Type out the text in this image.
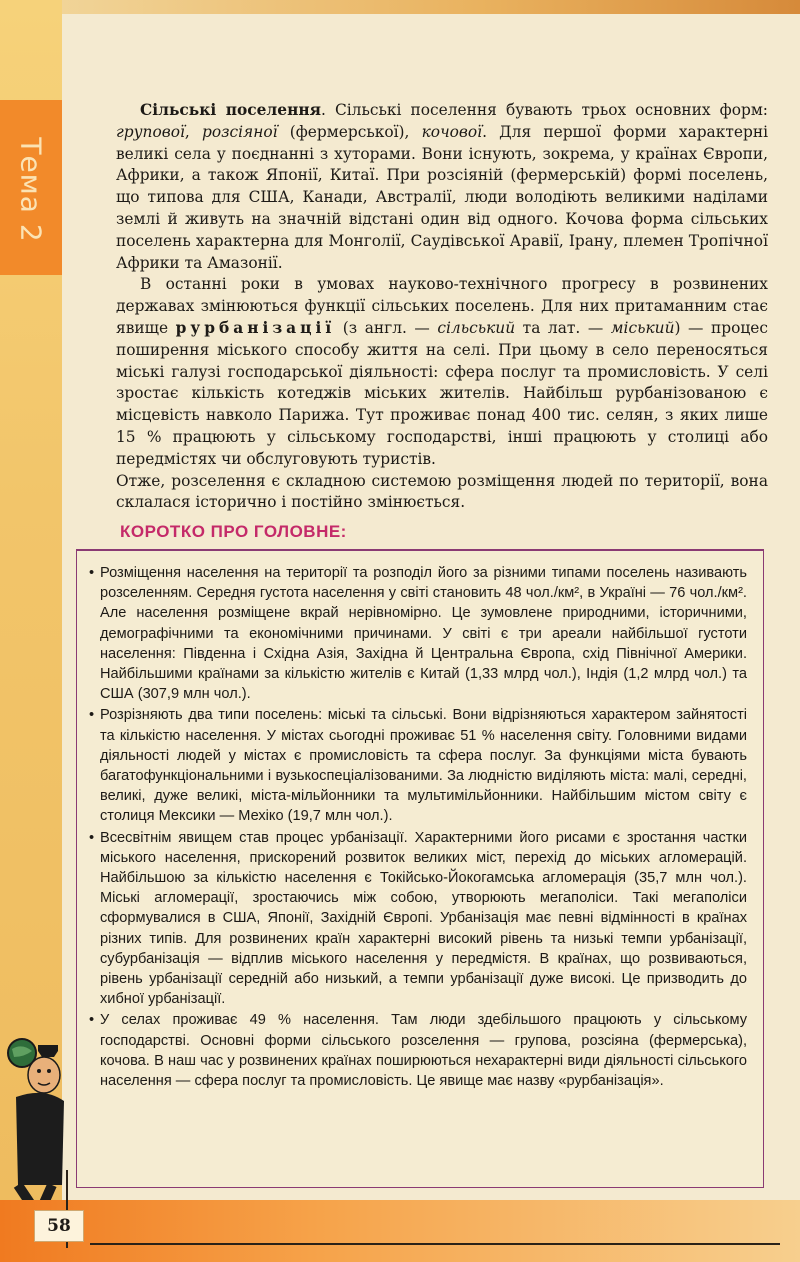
Тема 2

Сільські поселення. Сільські поселення бувають трьох основних форм: групової, розсіяної (фермерської), кочової. Для першої форми характерні великі села у поєднанні з хуторами. Вони існують, зокрема, у країнах Європи, Африки, а також Японії, Китаї. При розсіяній (фермерській) формі поселень, що типова для США, Канади, Австралії, люди володіють великими наділами землі й живуть на значній відстані один від одного. Кочова форма сільських поселень характерна для Монголії, Саудівської Аравії, Ірану, племен Тропічної Африки та Амазонії.

В останні роки в умовах науково-технічного прогресу в розвинених державах змінюються функції сільських поселень. Для них притаманним стає явище рурбанізації (з англ. — сільський та лат. — міський) — процес поширення міського способу життя на селі. При цьому в село переносяться міські галузі господарської діяльності: сфера послуг та промисловість. У селі зростає кількість котеджів міських жителів. Найбільш рурбанізованою є місцевість навколо Парижа. Тут проживає понад 400 тис. селян, з яких лише 15 % працюють у сільському господарстві, інші працюють у столиці або передмістях чи обслуговують туристів.

Отже, розселення є складною системою розміщення людей по території, вона склалася історично і постійно змінюється.

КОРОТКО ПРО ГОЛОВНЕ:
• Розміщення населення на території та розподіл його за різними типами поселень називають розселенням. Середня густота населення у світі становить 48 чол./км², в Україні — 76 чол./км². Але населення розміщене вкрай нерівномірно. Це зумовлене природними, історичними, демографічними та економічними причинами. У світі є три ареали найбільшої густоти населення: Південна і Східна Азія, Західна й Центральна Європа, схід Північної Америки. Найбільшими країнами за кількістю жителів є Китай (1,33 млрд чол.), Індія (1,2 млрд чол.) та США (307,9 млн чол.).
• Розрізняють два типи поселень: міські та сільські. Вони відрізняються характером зайнятості та кількістю населення. У містах сьогодні проживає 51 % населення світу. Головними видами діяльності людей у містах є промисловість та сфера послуг. За функціями міста бувають багатофункціональними і вузькоспеціалізованими. За людністю виділяють міста: малі, середні, великі, дуже великі, міста-мільйонники та мультимільйонники. Найбільшим містом світу є столиця Мексики — Мехіко (19,7 млн чол.).
• Всесвітнім явищем став процес урбанізації. Характерними його рисами є зростання частки міського населення, прискорений розвиток великих міст, перехід до міських агломерацій. Найбільшою за кількістю населення є Токійсько-Йокогамська агломерація (35,7 млн чол.). Міські агломерації, зростаючись між собою, утворюють мегаполіси. Такі мегаполіси сформувалися в США, Японії, Західній Європі. Урбанізація має певні відмінності в країнах різних типів. Для розвинених країн характерні високий рівень та низькі темпи урбанізації, субурбанізація — відплив міського населення у передмістя. В країнах, що розвиваються, рівень урбанізації середній або низький, а темпи урбанізації дуже високі. Це призводить до хибної урбанізації.
• У селах проживає 49 % населення. Там люди здебільшого працюють у сільському господарстві. Основні форми сільського розселення — групова, розсіяна (фермерська), кочова. В наш час у розвинених країнах поширюються нехарактерні види діяльності сільського населення — сфера послуг та промисловість. Це явище має назву «рурбанізація».
58
